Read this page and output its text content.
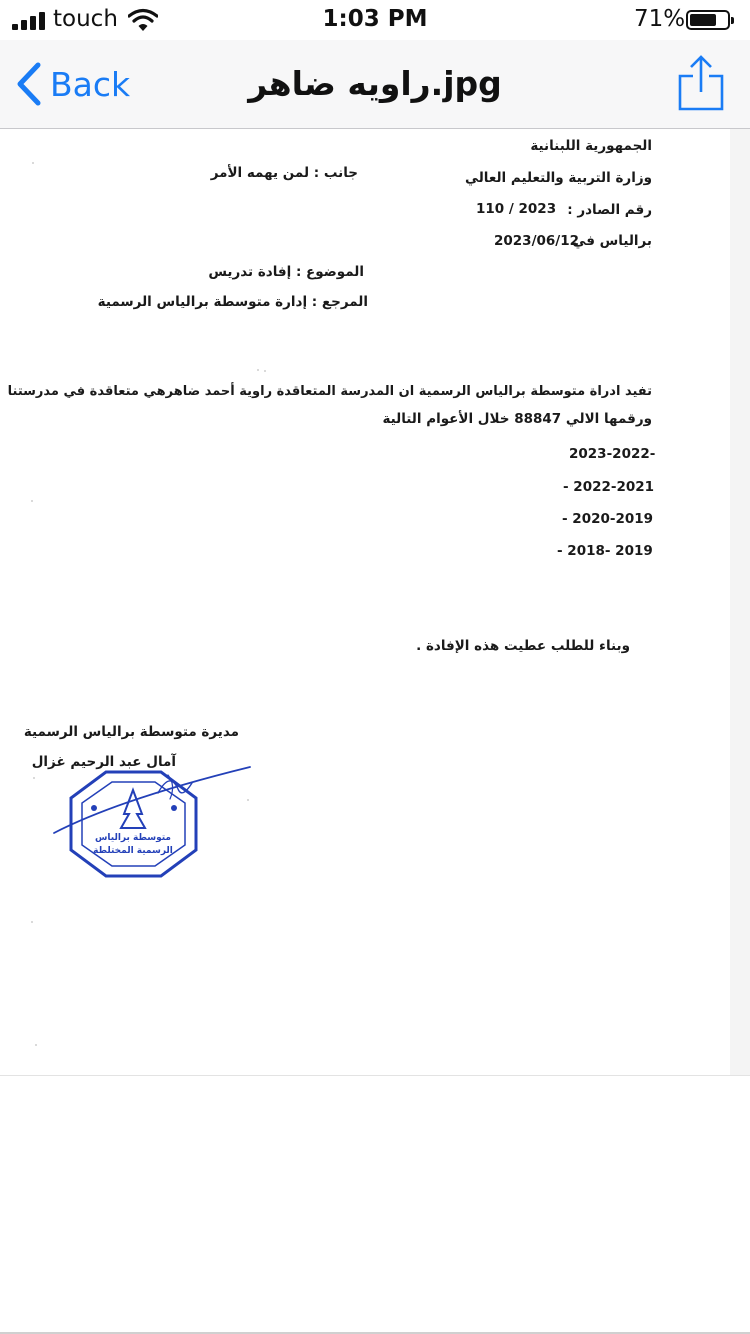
touch	1:03 PM	71%
Back	راويه ضاهر.jpg
الجمهورية اللبنانية
وزارة التربية والتعليم العالي
جانب : لمن يهمه الأمر
رقم الصادر :
110 / 2023
برالياس في :
2023/06/12
الموضوع : إفادة تدريس
المرجع : إدارة متوسطة برالياس الرسمية
تفيد ادراة متوسطة برالياس الرسمية ان المدرسة المتعاقدة راوية أحمد ضاهرهي متعاقدة في مدرستنا
ورقمها الالي 88847 خلال الأعوام التالية
2023-2022-
- 2022-2021
- 2020-2019
- 2018- 2019
وبناء للطلب عطيت هذه الإفادة .
مديرة متوسطة برالياس الرسمية
آمال عبد الرحيم غزال
متوسطة برالياس
الرسمية المختلطة
